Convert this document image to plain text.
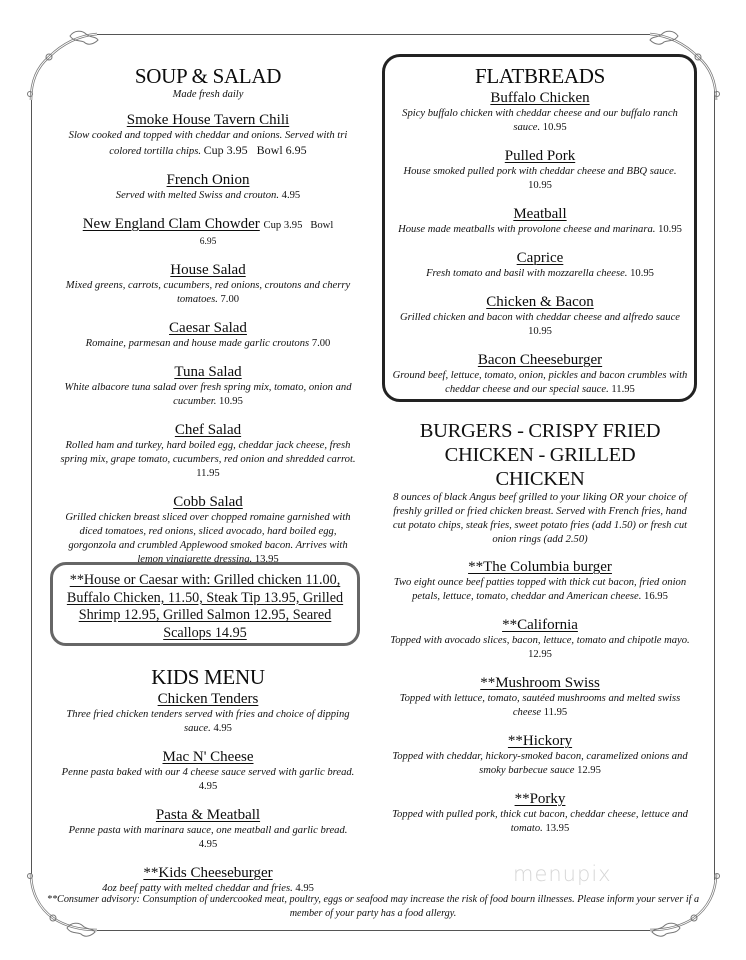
SOUP & SALAD
Made fresh daily
Smoke House Tavern Chili
Slow cooked and topped with cheddar and onions. Served with tri colored tortilla chips. Cup 3.95   Bowl 6.95
French Onion
Served with melted Swiss and crouton. 4.95
New England Clam Chowder Cup 3.95   Bowl
6.95
House Salad
Mixed greens, carrots, cucumbers, red onions, croutons and cherry tomatoes. 7.00
Caesar Salad
Romaine, parmesan and house made garlic croutons 7.00
Tuna Salad
White albacore tuna salad over fresh spring mix, tomato, onion and cucumber. 10.95
Chef Salad
Rolled ham and turkey, hard boiled egg, cheddar jack cheese, fresh spring mix, grape tomato, cucumbers, red onion and shredded carrot. 11.95
Cobb Salad
Grilled chicken breast sliced over chopped romaine garnished with diced tomatoes, red onions, sliced avocado, hard boiled egg, gorgonzola and crumbled Applewood smoked bacon. Arrives with lemon vinaigrette dressing. 13.95
**House or Caesar with: Grilled chicken 11.00, Buffalo Chicken, 11.50, Steak Tip 13.95, Grilled Shrimp 12.95, Grilled Salmon 12.95, Seared Scallops 14.95
KIDS MENU
Chicken Tenders
Three fried chicken tenders served with fries and choice of dipping sauce. 4.95
Mac N' Cheese
Penne pasta baked with our 4 cheese sauce served with garlic bread. 4.95
Pasta & Meatball
Penne pasta with marinara sauce, one meatball and garlic bread. 4.95
**Kids Cheeseburger
4oz beef patty with melted cheddar and fries. 4.95
FLATBREADS
Buffalo Chicken
Spicy buffalo chicken with cheddar cheese and our buffalo ranch sauce. 10.95
Pulled Pork
House smoked pulled pork with cheddar cheese and BBQ sauce. 10.95
Meatball
House made meatballs with provolone cheese and marinara. 10.95
Caprice
Fresh tomato and basil with mozzarella cheese. 10.95
Chicken & Bacon
Grilled chicken and bacon with cheddar cheese and alfredo sauce 10.95
Bacon Cheeseburger
Ground beef, lettuce, tomato, onion, pickles and bacon crumbles with cheddar cheese and our special sauce. 11.95
BURGERS - CRISPY FRIED
CHICKEN - GRILLED
CHICKEN
8 ounces of black Angus beef grilled to your liking OR your choice of freshly grilled or fried chicken breast. Served with French fries, hand cut potato chips, steak fries, sweet potato fries (add 1.50) or fresh cut onion rings (add 2.50)
**The Columbia burger
Two eight ounce beef patties topped with thick cut bacon, fried onion petals, lettuce, tomato, cheddar and American cheese. 16.95
**California
Topped with avocado slices, bacon, lettuce, tomato and chipotle mayo. 12.95
**Mushroom Swiss
Topped with lettuce, tomato, sautéed mushrooms and melted swiss cheese 11.95
**Hickory
Topped with cheddar, hickory-smoked bacon, caramelized onions and smoky barbecue sauce 12.95
**Porky
Topped with pulled pork, thick cut bacon, cheddar cheese, lettuce and tomato. 13.95
menupix
**Consumer advisory: Consumption of undercooked meat, poultry, eggs or seafood may increase the risk of food bourn illnesses. Please inform your server if a member of your party has a food allergy.
